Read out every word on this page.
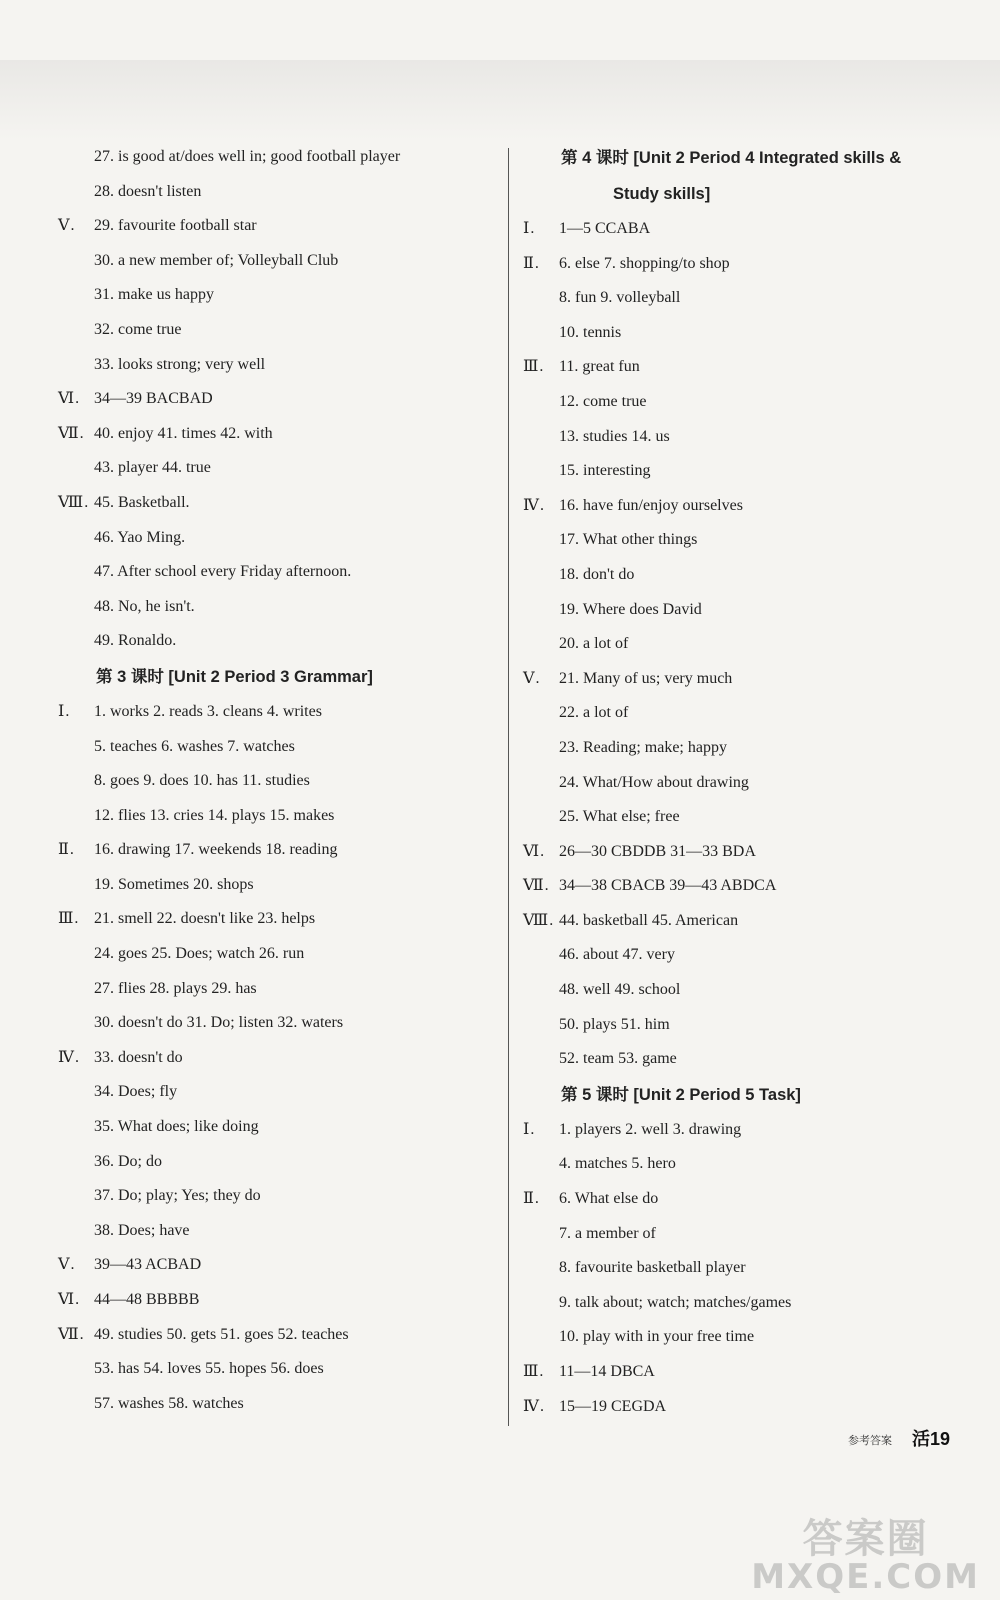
27. is good at/does well in; good football player
28. doesn't listen
Ⅴ. 29. favourite football star
30. a new member of; Volleyball Club
31. make us happy
32. come true
33. looks strong; very well
Ⅵ. 34—39 BACBAD
Ⅶ. 40. enjoy 41. times 42. with
43. player 44. true
Ⅷ. 45. Basketball.
46. Yao Ming.
47. After school every Friday afternoon.
48. No, he isn't.
49. Ronaldo.
第 3 课时 [Unit 2 Period 3 Grammar]
Ⅰ. 1. works 2. reads 3. cleans 4. writes
5. teaches 6. washes 7. watches
8. goes 9. does 10. has 11. studies
12. flies 13. cries 14. plays 15. makes
Ⅱ. 16. drawing 17. weekends 18. reading
19. Sometimes 20. shops
Ⅲ. 21. smell 22. doesn't like 23. helps
24. goes 25. Does; watch 26. run
27. flies 28. plays 29. has
30. doesn't do 31. Do; listen 32. waters
Ⅳ. 33. doesn't do
34. Does; fly
35. What does; like doing
36. Do; do
37. Do; play; Yes; they do
38. Does; have
Ⅴ. 39—43 ACBAD
Ⅵ. 44—48 BBBBB
Ⅶ. 49. studies 50. gets 51. goes 52. teaches
53. has 54. loves 55. hopes 56. does
57. washes 58. watches
第 4 课时 [Unit 2 Period 4 Integrated skills &
Study skills]
Ⅰ. 1—5 CCABA
Ⅱ. 6. else 7. shopping/to shop
8. fun 9. volleyball
10. tennis
Ⅲ. 11. great fun
12. come true
13. studies 14. us
15. interesting
Ⅳ. 16. have fun/enjoy ourselves
17. What other things
18. don't do
19. Where does David
20. a lot of
Ⅴ. 21. Many of us; very much
22. a lot of
23. Reading; make; happy
24. What/How about drawing
25. What else; free
Ⅵ. 26—30 CBDDB 31—33 BDA
Ⅶ. 34—38 CBACB 39—43 ABDCA
Ⅷ. 44. basketball 45. American
46. about 47. very
48. well 49. school
50. plays 51. him
52. team 53. game
第 5 课时 [Unit 2 Period 5 Task]
Ⅰ. 1. players 2. well 3. drawing
4. matches 5. hero
Ⅱ. 6. What else do
7. a member of
8. favourite basketball player
9. talk about; watch; matches/games
10. play with in your free time
Ⅲ. 11—14 DBCA
Ⅳ. 15—19 CEGDA
参考答案 活19
答案圈
MXQE.COM
